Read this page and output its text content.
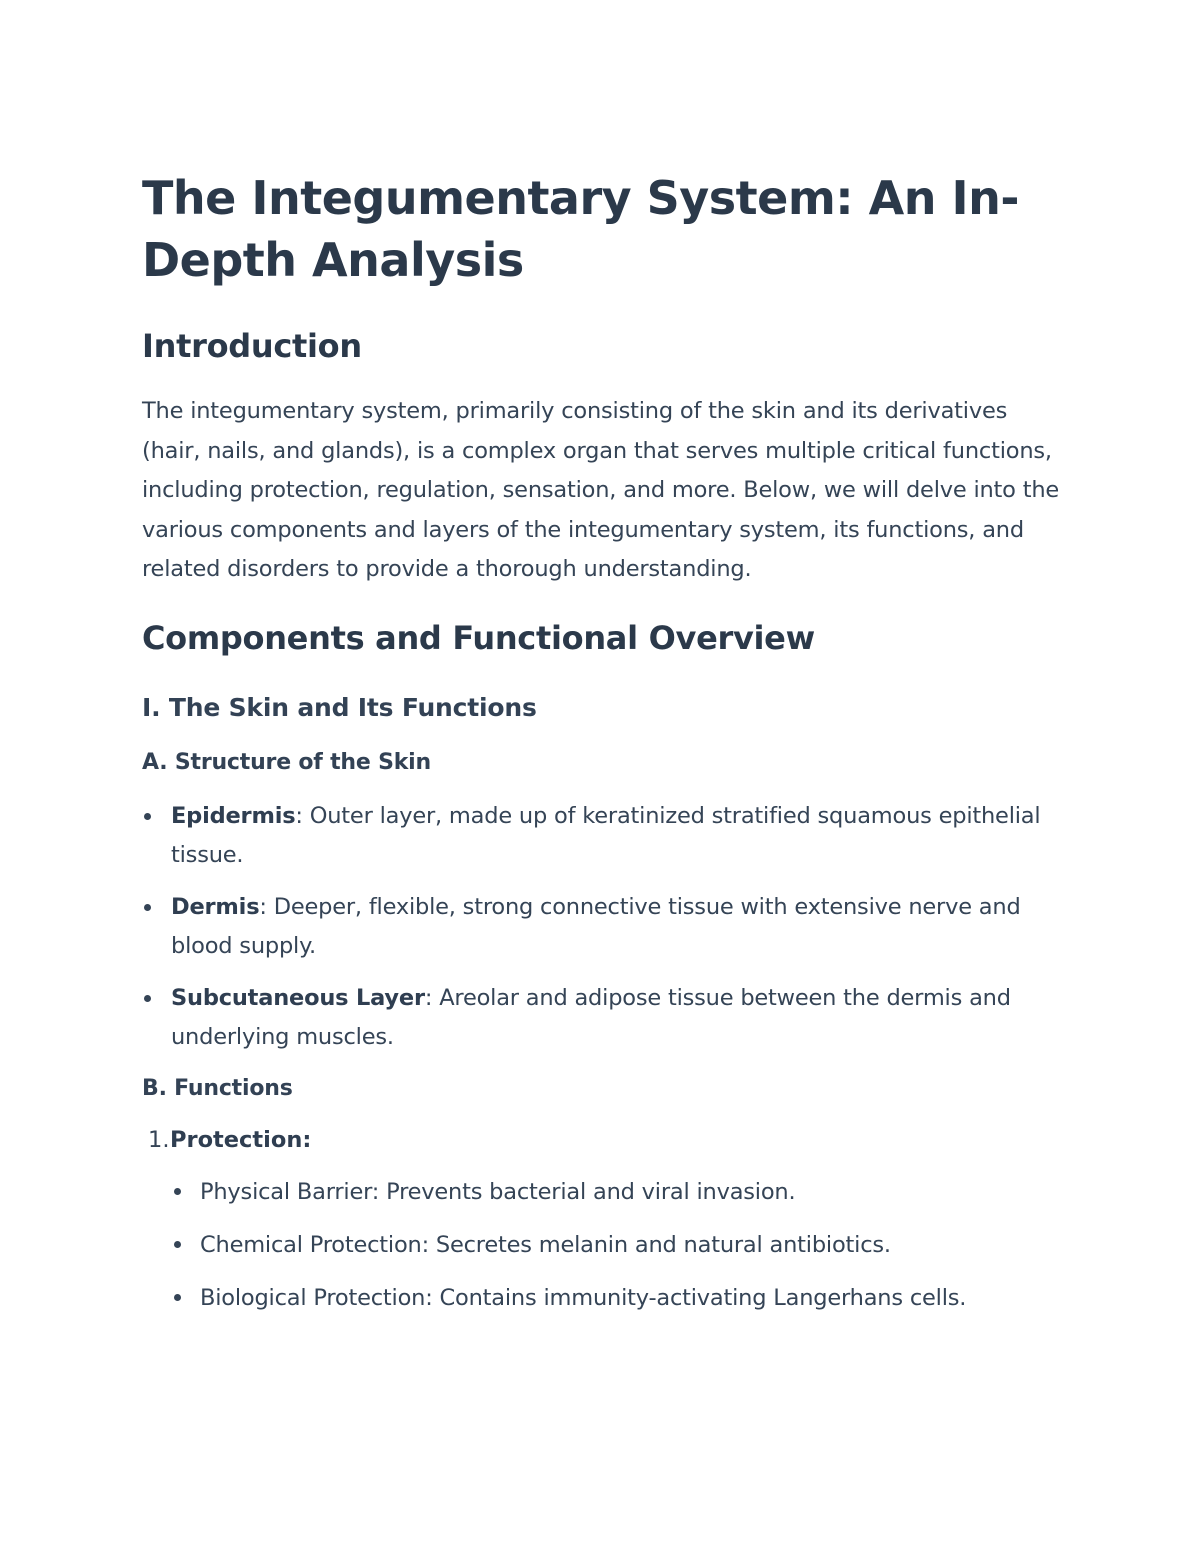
The Integumentary System: An In-Depth Analysis
Introduction

The integumentary system, primarily consisting of the skin and its derivatives (hair, nails, and glands), is a complex organ that serves multiple critical functions, including protection, regulation, sensation, and more. Below, we will delve into the various components and layers of the integumentary system, its functions, and related disorders to provide a thorough understanding.

Components and Functional Overview
I. The Skin and Its Functions
A. Structure of the Skin
Epidermis: Outer layer, made up of keratinized stratified squamous epithelial tissue.
Dermis: Deeper, flexible, strong connective tissue with extensive nerve and blood supply.
Subcutaneous Layer: Areolar and adipose tissue between the dermis and underlying muscles.
B. Functions
1.Protection:
Physical Barrier: Prevents bacterial and viral invasion.
Chemical Protection: Secretes melanin and natural antibiotics.
Biological Protection: Contains immunity-activating Langerhans cells.
